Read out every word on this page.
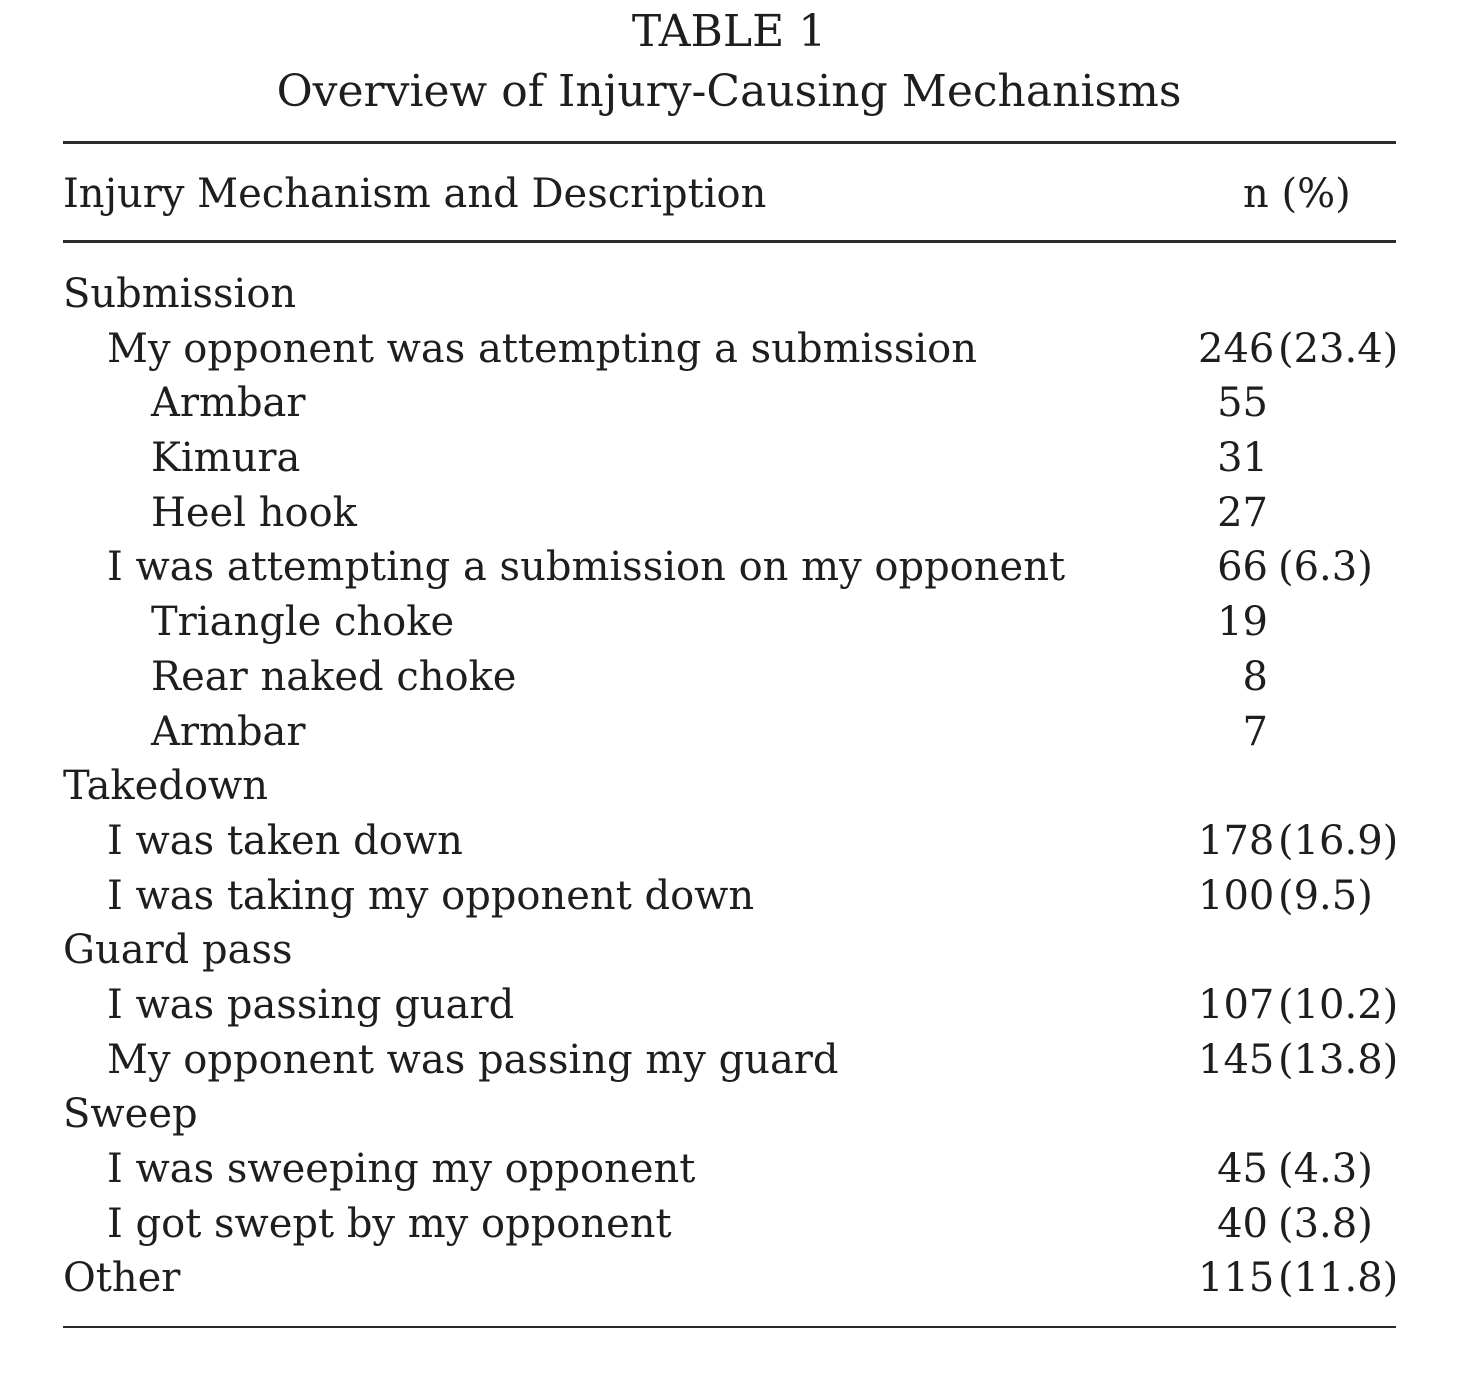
TABLE 1
Overview of Injury-Causing Mechanisms
Injury Mechanism and Description	n (%)
Submission
My opponent was attempting a submission	246(23.4)
Armbar	55
Kimura	31
Heel hook	27
I was attempting a submission on my opponent	66 (6.3)
Triangle choke	19
Rear naked choke	8
Armbar	7
Takedown
I was taken down	178(16.9)
I was taking my opponent down	100(9.5)
Guard pass
I was passing guard	107(10.2)
My opponent was passing my guard	145(13.8)
Sweep
I was sweeping my opponent	45 (4.3)
I got swept by my opponent	40 (3.8)
Other	115(11.8)
